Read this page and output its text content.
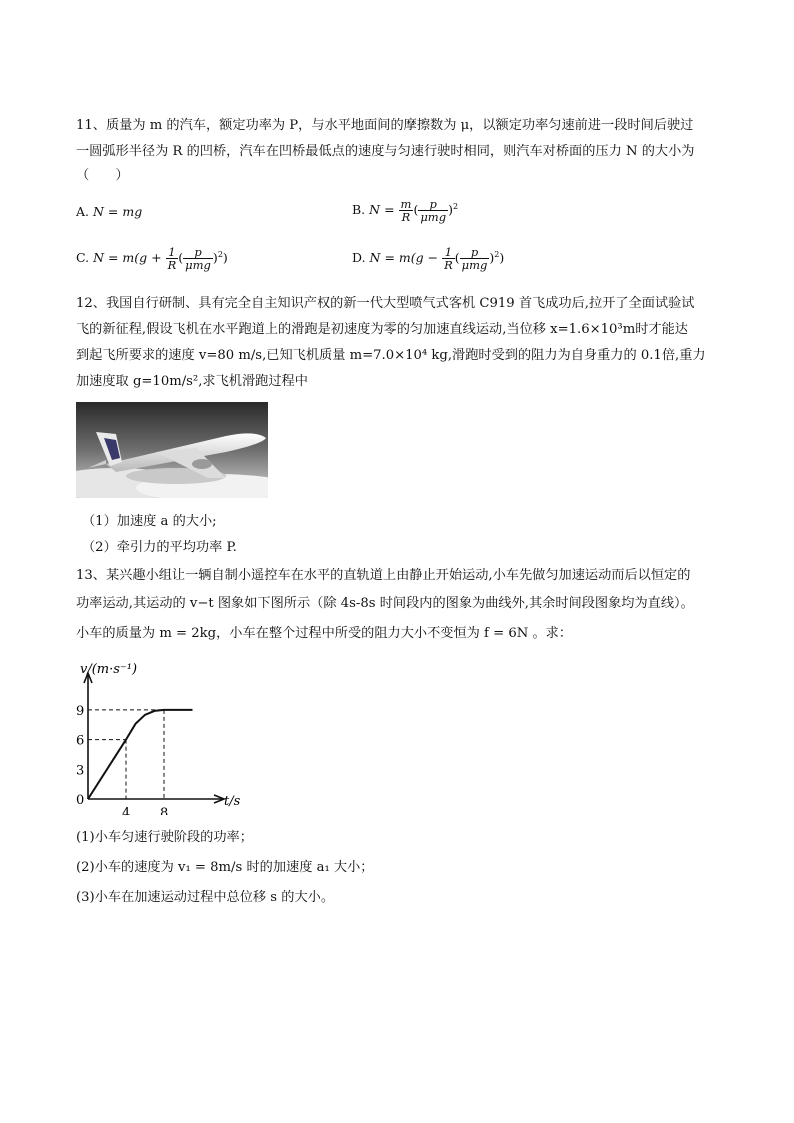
11、质量为 m 的汽车，额定功率为 P，与水平地面间的摩擦数为 μ，以额定功率匀速前进一段时间后驶过
一圆弧形半径为 R 的凹桥，汽车在凹桥最低点的速度与匀速行驶时相同，则汽车对桥面的压力 N 的大小为
（　　）
A. N = mg	B. $N = \frac{m}{R}$ ( $\frac{p}{\text{μmg}} )^2$
C. $N = m(g + \frac{1}{R}$ ( $\frac{p}{\text{μmg}} )^2$)	D. $N = m(g - \frac{1}{R}$ ( $\frac{p}{\text{μmg}} )^2$)
12、我国自行研制、具有完全自主知识产权的新一代大型喷气式客机 C919 首飞成功后,拉开了全面试验试
飞的新征程,假设飞机在水平跑道上的滑跑是初速度为零的匀加速直线运动,当位移 x=1.6×10³m时才能达
到起飞所要求的速度 v=80 m/s,已知飞机质量 m=7.0×10⁴ kg,滑跑时受到的阻力为自身重力的 0.1倍,重力
加速度取 g=10m/s²,求飞机滑跑过程中
（1）加速度 a 的大小;
（2）牵引力的平均功率 P.
13、某兴趣小组让一辆自制小遥控车在水平的直轨道上由静止开始运动,小车先做匀加速运动而后以恒定的
功率运动,其运动的 v−t 图象如下图所示（除 4s-8s 时间段内的图象为曲线外,其余时间段图象均为直线）。
小车的质量为 m = 2kg，小车在整个过程中所受的阻力大小不变恒为 f = 6N 。求：
v/(m·s⁻¹)
t/s
3
6
9
0
4 8
(1)小车匀速行驶阶段的功率；
(2)小车的速度为 v₁ = 8m/s 时的加速度 a₁ 大小；
(3)小车在加速运动过程中总位移 s 的大小。
